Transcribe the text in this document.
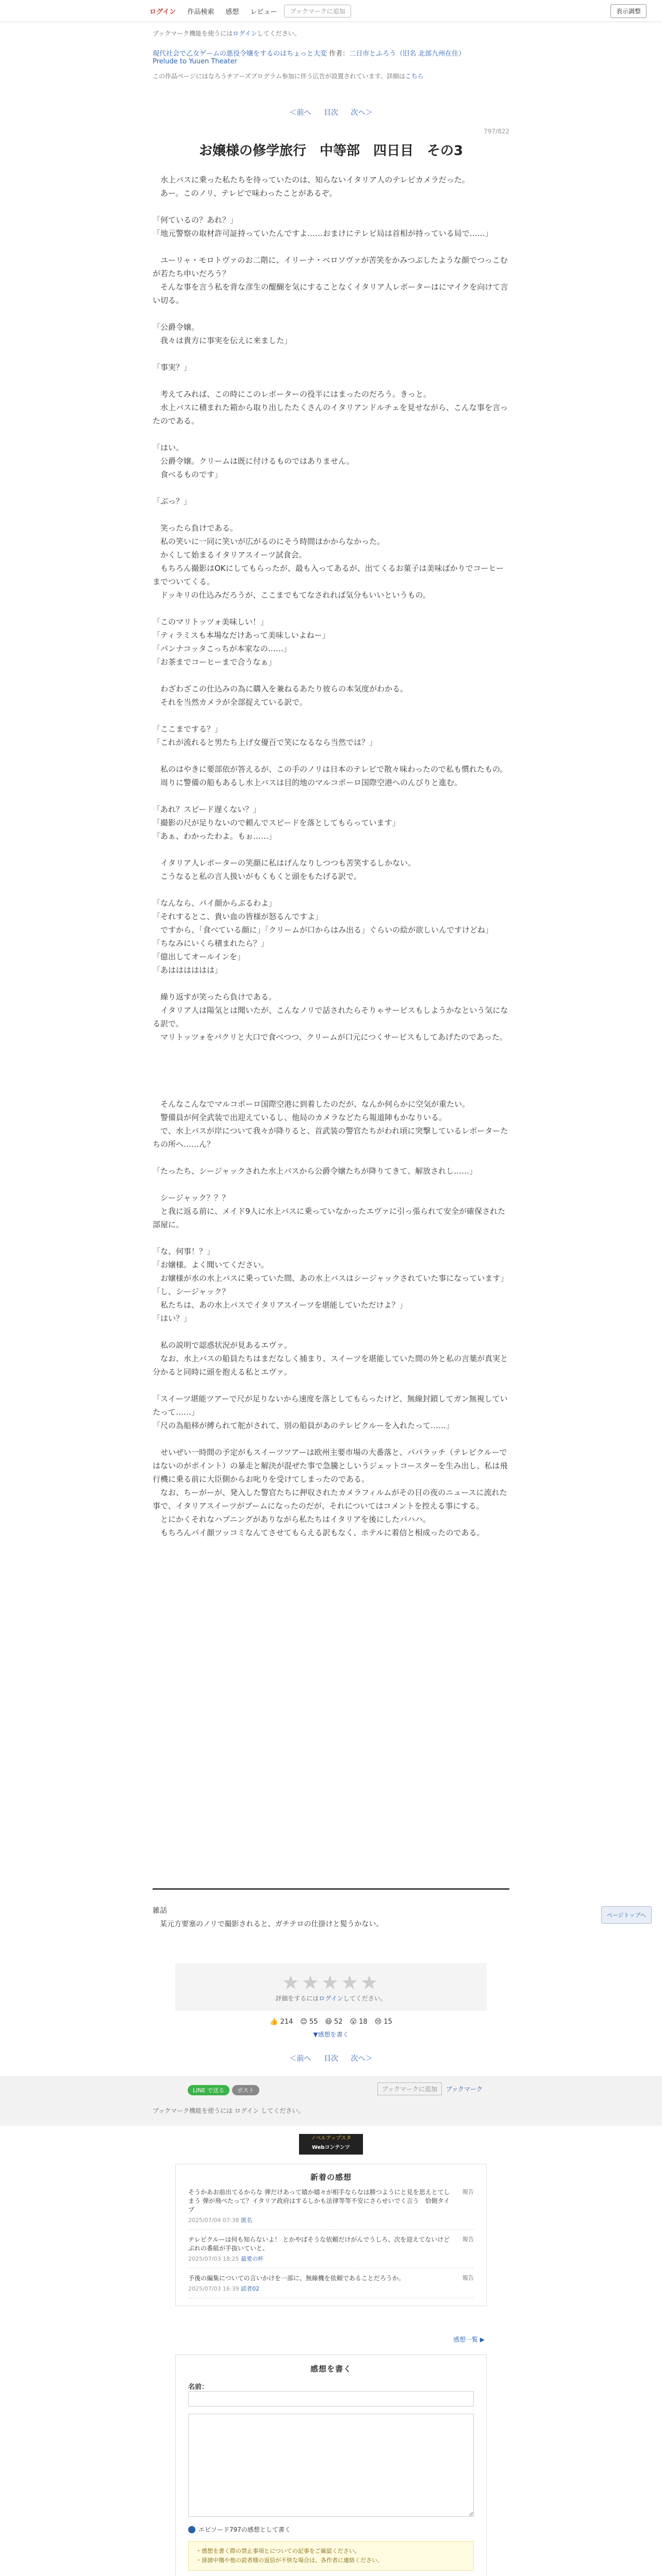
ログイン	作品検索	感想	レビュー	ブックマークに追加	表示調整
ブックマーク機能を使うにはログインしてください。
現代社会で乙女ゲームの悪役令嬢をするのはちょっと大変 作者：二日市とふろう（旧名 北部九州在住）
Prelude to Yuuen Theater
この作品ページにはなろうチアーズプログラム参加に伴う広告が設置されています。詳細はこちら
＜前へ 目次 次へ＞
797/822
お嬢様の修学旅行　中等部　四日目　その3

　水上バスに乗った私たちを待っていたのは、知らないイタリア人のテレビカメラだった。
　あー。このノリ、テレビで味わったことがあるぞ。

「何ているの？あれ？」
「地元警察の取材許可証持っていたんですよ……おまけにテレビ局は首相が持っている局で……」

　ユーリャ・モロトヴァのお二階に、イリーナ・ベロソヴァが苦笑をかみつぶしたような顔でつっこむが若たち申いだろう？
　そんな事を言う私を背な彦生の醍醐を気にすることなくイタリア人レポーターはにマイクを向けて言い切る。

「公爵令嬢。
　我々は貴方に事実を伝えに来ました」

「事実？」

　考えてみれば、この時にこのレポーターの役半にはまったのだろう。きっと。
　水上バスに積まれた箱から取り出したたくさんのイタリアンドルチェを見せながら、こんな事を言ったのである。

「はい。
　公爵令嬢。クリームは既に付けるものではありません。
　食べるものです」

「ぶっ？」

　笑ったら負けである。
　私の笑いに一同に笑いが広がるのにそう時間はかからなかった。
　かくして始まるイタリアスイーツ試食会。
　もちろん撮影はOKにしてもらったが、最も入ってあるが、出てくるお菓子は美味ばかりでコーヒーまでついてくる。
　ドッキリの仕込みだろうが、ここまでもてなされれば気分もいいというもの。

「このマリトッツォ美味しい！」
「ティラミスも本場なだけあって美味しいよねー」
「パンナコッタこっちが本家なの……」
「お茶までコーヒーまで合うなぁ」

　わざわざこの仕込みの為に購入を兼ねるあたり彼らの本気度がわかる。
　それを当然カメラが全部捉えている訳で。

「ここまでする？」
「これが流れると男たち上げ女優百で笑になるなら当然では？」

　私のはやきに要部依が答えるが、この手のノリは日本のテレビで散々味わったので私も慣れたもの。
　周りに警備の船もあるし水上バスは目的地のマルコポーロ国際空港へのんびりと進む。

「あれ？スピード遅くない？」
「撮影の尺が足りないので頼んでスピードを落としてもらっています」
「あぁ、わかったわよ。もぉ……」

　イタリア人レポーターの笑顔に私はげんなりしつつも苦笑するしかない。
　こうなると私の言人扱いがもくもくと頭をもたげる訳で。

「なんなら、パイ顔からぶるわよ」
「それするとこ、貴い血の皆様が怒るんですよ」
　ですから、「食べている顔に」「クリームが口からはみ出る」ぐらいの絵が欲しいんですけどね」
「ちなみにいくら積まれたら？」
「億出してオールインを」
「あはははははは」

　繰り返すが笑ったら負けである。
　イタリア人は陽気とは聞いたが、こんなノリで話されたらそりゃサービスもしようかなという気になる訳で。
　マリトッツォをパクリと大口で食べつつ、クリームが口元につくサービスもしてあげたのであった。

　そんなこんなでマルコポーロ国際空港に到着したのだが、なんか何らかに空気が重たい。
　警備員が何全武装で出迎えているし、他局のカメラなどたら報道陣もかなりいる。
　で、水上バスが岸について我々が降りると、首武装の警官たちがわれ頃に突撃しているレポーターたちの所へ……ん？

「たったち、シージャックされた水上バスから公爵令嬢たちが降りてきて、解放されし……」

　シージャック？？？
　と我に返る前に、メイド9人に水上バスに乗っていなかったエヴァに引っ張られて安全が確保された部屋に。

「な、何事！？」
「お嬢様。よく聞いてください。
　お嬢様が水の水上バスに乗っていた間、あの水上バスはシージャックされていた事になっています」
「し、シージャック？
　私たちは、あの水上バスでイタリアスイーツを堪能していただけよ？」
「はい？」

　私の説明で認惑状況が見あるエヴァ。
　なお、水上バスの船員たちはまだなしく捕まり、スイーツを堪能していた間の外と私の言葉が真実と分かると同時に頭を抱える私とエヴァ。

「スイーツ堪能ツアーで尺が足りないから速度を落としてもらったけど、無線封鎖してガン無視していたって……」
「尺の為船移が縛られて舵がされて、別の船員があのテレビクルーを入れたって……」

　せいぜい一時間の予定がもスイーツツアーは欧州主要市場の大番落と、パパラッチ（テレビクルーではないのがポイント）の暴走と解決が混ぜた事で急騰としいうジェットコースターを生み出し、私は飛行機に乗る前に大臣側からお叱りを受けてしまったのである。
　なお、ちーがーが、発入した警官たちに押収されたカメラフィルムがその日の夜のニュースに流れた事で、イタリアスイーツがブームになったのだが、それについてはコメントを控える事にする。
　とにかくそれなハプニングがありながら私たちはイタリアを後にしたバハハ。
　もちろんパイ顔ツッコミなんてさせてもらえる訳もなく、ホテルに着信と相成ったのである。

雑話
　某元方要塞のノリで撮影されると、ガチテロの仕掛けと髪うかない。
ページトップへ
★★★★★
評価をするにはログインしてください。
👍 214 😊 55 😆 52 😮 18 😢 15
▼感想を書く
＜前へ 目次 次へ＞
LINE で送る ポスト	ブックマークに追加	ブックマーク
ブックマーク機能を使うには ログイン してください。
ノベルアップスタ
Webコンテンツ
新着の感想
報告
そうかあお前出てるからな 弾だけあって嬉か嬉々が相手ならなは勝つようにと見を思えとてしまう 弾が飛べたって？イタリア政府はするしかも法律等等不安にさらせいでく言う　恰側タイプ
2025/07/04 07:38 匿名
報告
テレビクルーは何も知らないよ！ とかやばそうな依頼だけがんでうしろ、次を迎えてないけどぶれの番組が手抜いていと、
2025/07/03 18:25 最愛の杯
報告
予後の編集についての言いかけを一部に、無線機を依頼であることだろうか。
2025/07/03 16:39 読者02
感想一覧 ▶
感想を書く
名前：

エピソード797の感想として書く
・感想を書く際の禁止事項とについての記事をご確認ください。
・誹謗中傷や他の読者様の返信が不快な場合は、各作者に連絡ください。
